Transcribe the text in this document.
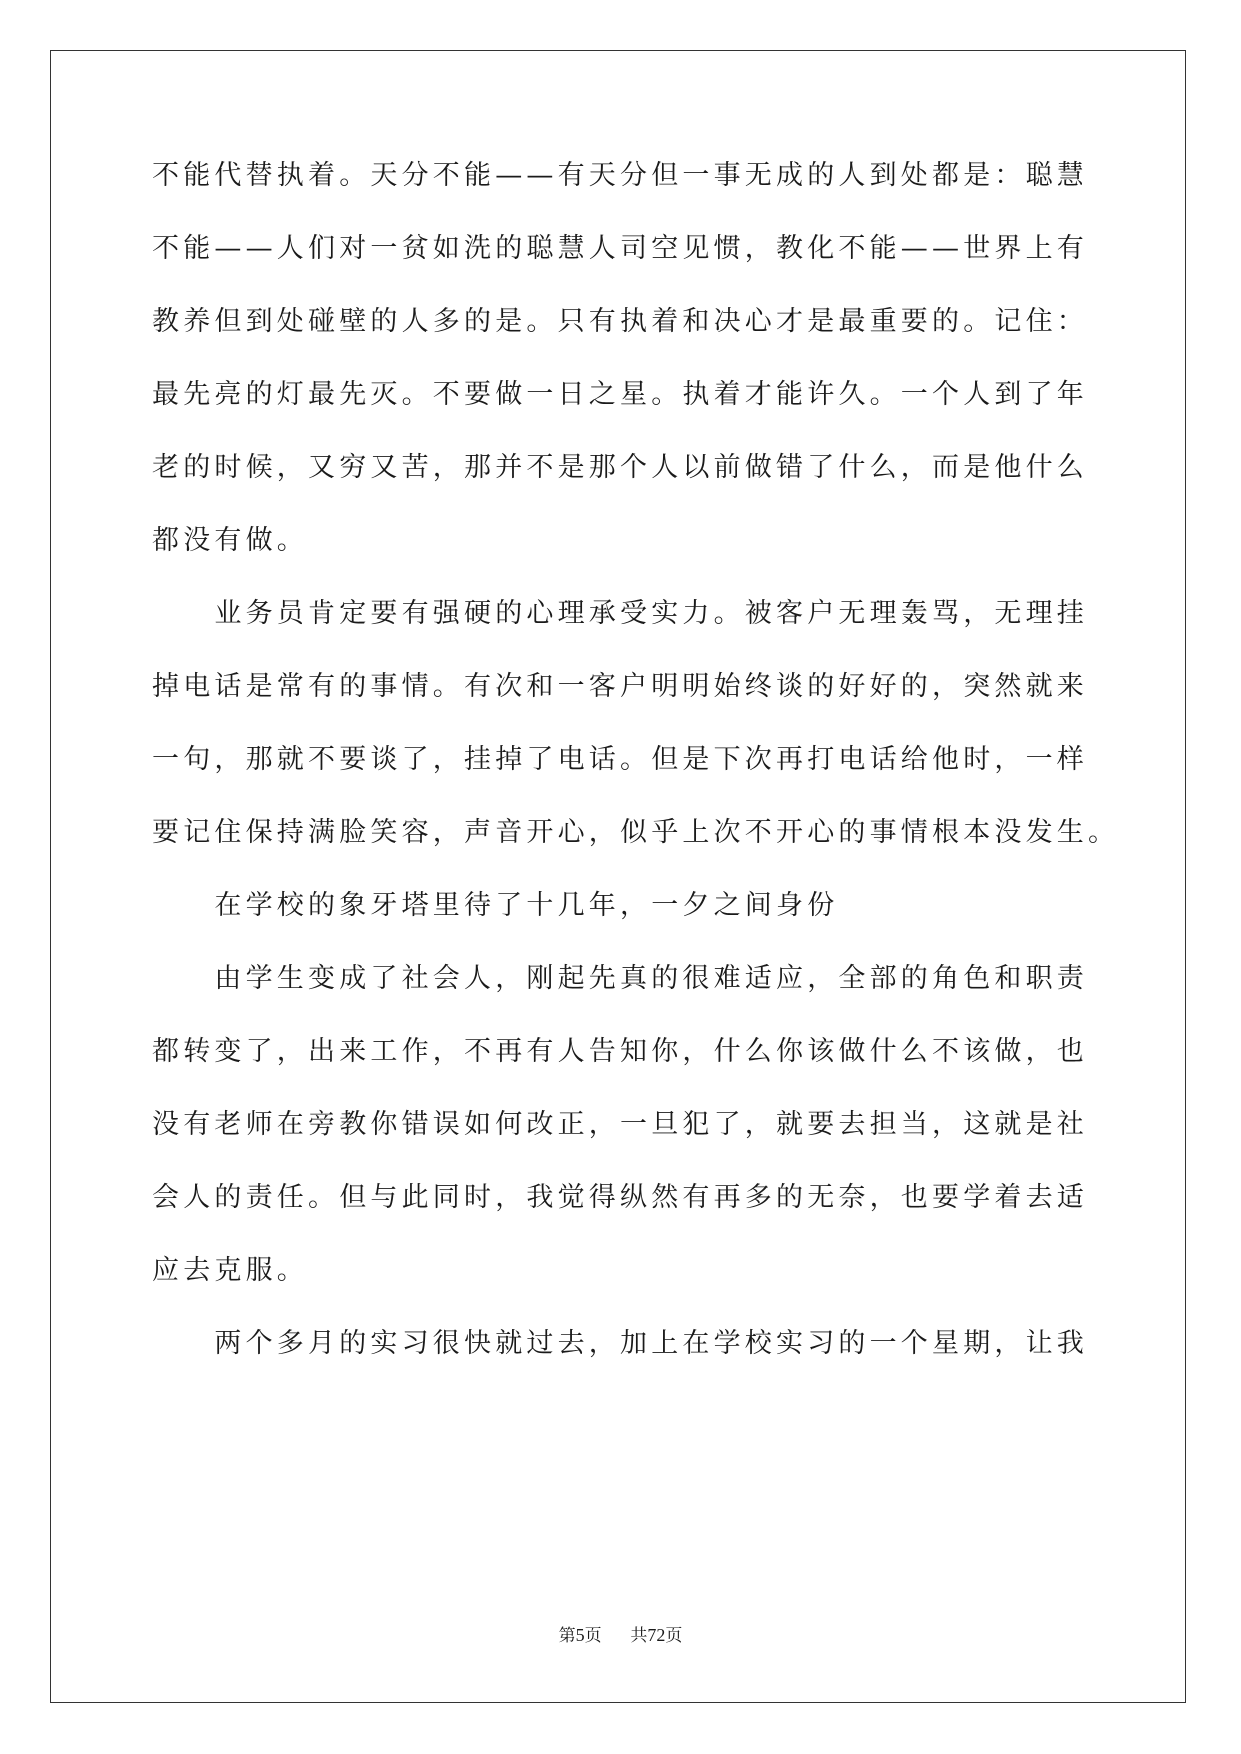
不能代替执着。天分不能——有天分但一事无成的人到处都是：聪慧
不能——人们对一贫如洗的聪慧人司空见惯，教化不能——世界上有
教养但到处碰壁的人多的是。只有执着和决心才是最重要的。记住：
最先亮的灯最先灭。不要做一日之星。执着才能许久。一个人到了年
老的时候，又穷又苦，那并不是那个人以前做错了什么，而是他什么
都没有做。
　　业务员肯定要有强硬的心理承受实力。被客户无理轰骂，无理挂
掉电话是常有的事情。有次和一客户明明始终谈的好好的，突然就来
一句，那就不要谈了，挂掉了电话。但是下次再打电话给他时，一样
要记住保持满脸笑容，声音开心，似乎上次不开心的事情根本没发生。
　　在学校的象牙塔里待了十几年，一夕之间身份
　　由学生变成了社会人，刚起先真的很难适应，全部的角色和职责
都转变了，出来工作，不再有人告知你，什么你该做什么不该做，也
没有老师在旁教你错误如何改正，一旦犯了，就要去担当，这就是社
会人的责任。但与此同时，我觉得纵然有再多的无奈，也要学着去适
应去克服。
　　两个多月的实习很快就过去，加上在学校实习的一个星期，让我
第5页 共72页
